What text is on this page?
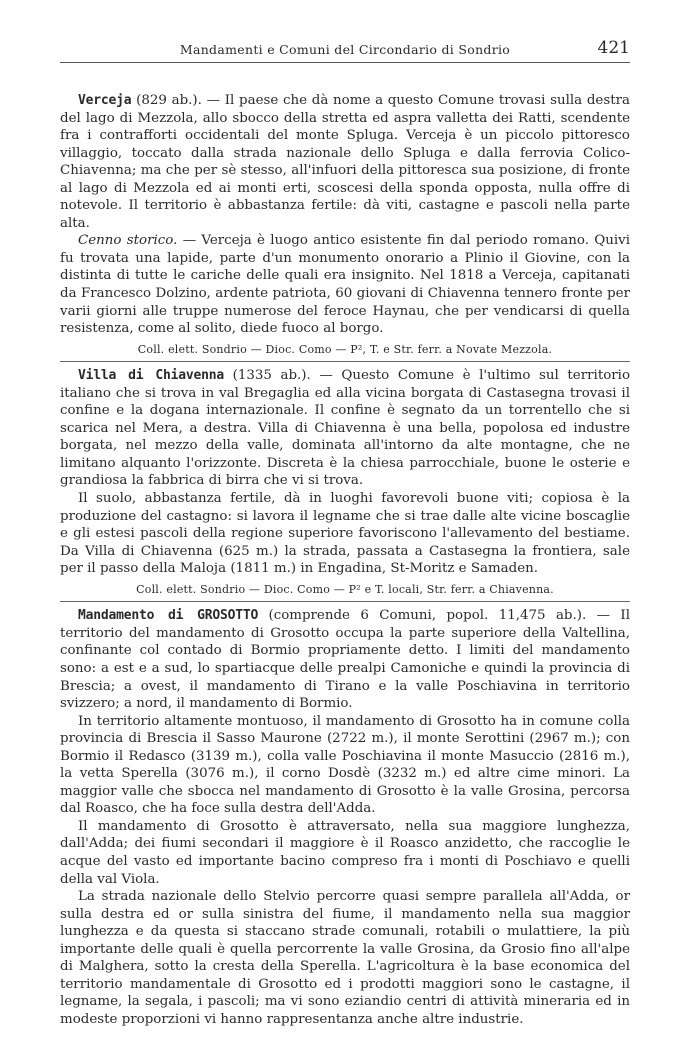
Mandamenti e Comuni del Circondario di Sondrio	421

Verceja (829 ab.). — Il paese che dà nome a questo Comune trovasi sulla destra del lago di Mezzola, allo sbocco della stretta ed aspra valletta dei Ratti, scendente fra i contrafforti occidentali del monte Spluga. Verceja è un piccolo pittoresco villaggio, toccato dalla strada nazionale dello Spluga e dalla ferrovia Colico-Chiavenna; ma che per sè stesso, all'infuori della pittoresca sua posizione, di fronte al lago di Mezzola ed ai monti erti, scoscesi della sponda opposta, nulla offre di notevole. Il territorio è abbastanza fertile: dà viti, castagne e pascoli nella parte alta.

Cenno storico. — Verceja è luogo antico esistente fin dal periodo romano. Quivi fu trovata una lapide, parte d'un monumento onorario a Plinio il Giovine, con la distinta di tutte le cariche delle quali era insignito. Nel 1818 a Verceja, capitanati da Francesco Dolzino, ardente patriota, 60 giovani di Chiavenna tennero fronte per varii giorni alle truppe numerose del feroce Haynau, che per vendicarsi di quella resistenza, come al solito, diede fuoco al borgo.

Coll. elett. Sondrio — Dioc. Como — P², T. e Str. ferr. a Novate Mezzola.

Villa di Chiavenna (1335 ab.). — Questo Comune è l'ultimo sul territorio italiano che si trova in val Bregaglia ed alla vicina borgata di Castasegna trovasi il confine e la dogana internazionale. Il confine è segnato da un torrentello che si scarica nel Mera, a destra. Villa di Chiavenna è una bella, popolosa ed industre borgata, nel mezzo della valle, dominata all'intorno da alte montagne, che ne limitano alquanto l'orizzonte. Discreta è la chiesa parrocchiale, buone le osterie e grandiosa la fabbrica di birra che vi si trova.

Il suolo, abbastanza fertile, dà in luoghi favorevoli buone viti; copiosa è la produzione del castagno: si lavora il legname che si trae dalle alte vicine boscaglie e gli estesi pascoli della regione superiore favoriscono l'allevamento del bestiame. Da Villa di Chiavenna (625 m.) la strada, passata a Castasegna la frontiera, sale per il passo della Maloja (1811 m.) in Engadina, St-Moritz e Samaden.

Coll. elett. Sondrio — Dioc. Como — P² e T. locali, Str. ferr. a Chiavenna.

Mandamento di GROSOTTO (comprende 6 Comuni, popol. 11,475 ab.). — Il territorio del mandamento di Grosotto occupa la parte superiore della Valtellina, confinante col contado di Bormio propriamente detto. I limiti del mandamento sono: a est e a sud, lo spartiacque delle prealpi Camoniche e quindi la provincia di Brescia; a ovest, il mandamento di Tirano e la valle Poschiavina in territorio svizzero; a nord, il mandamento di Bormio.

In territorio altamente montuoso, il mandamento di Grosotto ha in comune colla provincia di Brescia il Sasso Maurone (2722 m.), il monte Serottini (2967 m.); con Bormio il Redasco (3139 m.), colla valle Poschiavina il monte Masuccio (2816 m.), la vetta Sperella (3076 m.), il corno Dosdè (3232 m.) ed altre cime minori. La maggior valle che sbocca nel mandamento di Grosotto è la valle Grosina, percorsa dal Roasco, che ha foce sulla destra dell'Adda.

Il mandamento di Grosotto è attraversato, nella sua maggiore lunghezza, dall'Adda; dei fiumi secondari il maggiore è il Roasco anzidetto, che raccoglie le acque del vasto ed importante bacino compreso fra i monti di Poschiavo e quelli della val Viola.

La strada nazionale dello Stelvio percorre quasi sempre parallela all'Adda, or sulla destra ed or sulla sinistra del fiume, il mandamento nella sua maggior lunghezza e da questa si staccano strade comunali, rotabili o mulattiere, la più importante delle quali è quella percorrente la valle Grosina, da Grosio fino all'alpe di Malghera, sotto la cresta della Sperella. L'agricoltura è la base economica del territorio mandamentale di Grosotto ed i prodotti maggiori sono le castagne, il legname, la segala, i pascoli; ma vi sono eziandio centri di attività mineraria ed in modeste proporzioni vi hanno rappresentanza anche altre industrie.
